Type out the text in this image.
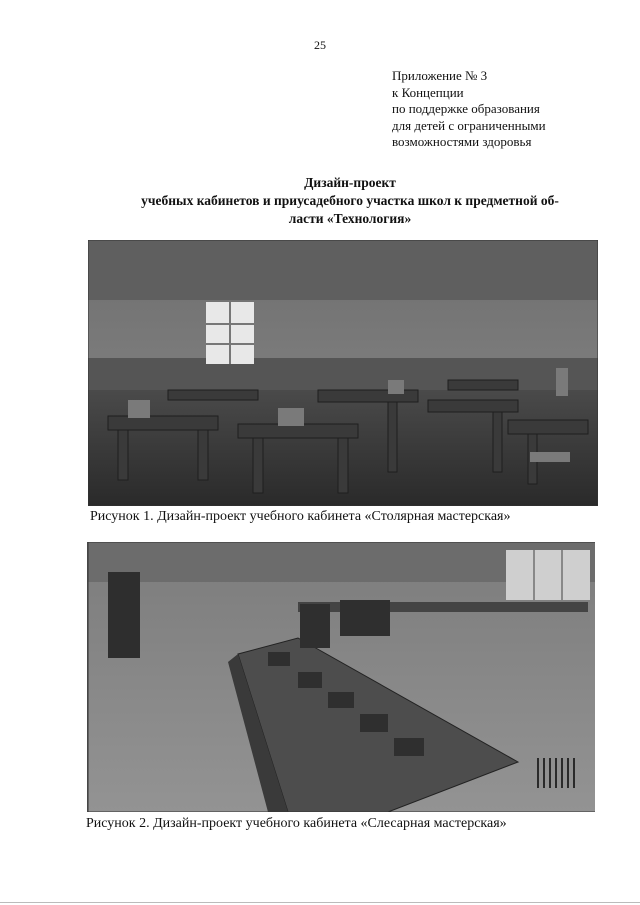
25
Приложение № 3
к Концепции
по поддержке образования
для детей с ограниченными
возможностями здоровья
Дизайн-проект
учебных кабинетов и приусадебного участка школ к предметной об-
ласти «Технология»
Рисунок 1. Дизайн-проект учебного кабинета «Столярная мастерская»
Рисунок 2. Дизайн-проект учебного кабинета «Слесарная мастерская»
